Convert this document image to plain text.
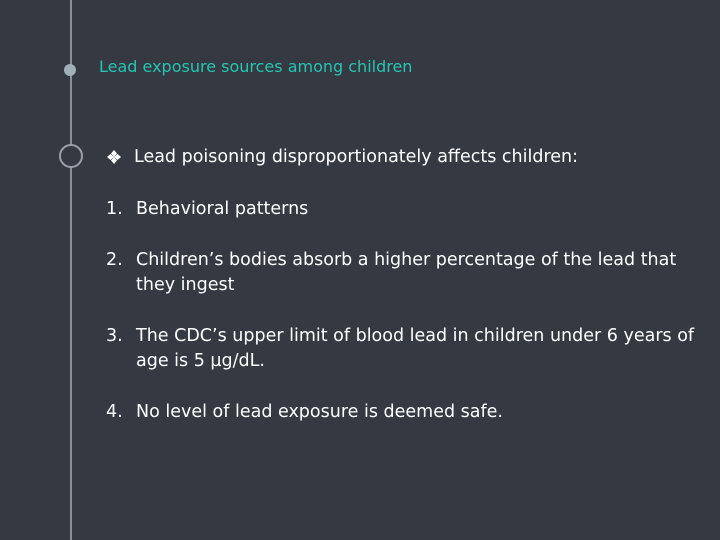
Lead exposure sources among children
Lead poisoning disproportionately affects children:
1. Behavioral patterns
2. Children’s bodies absorb a higher percentage of the lead that they ingest
3. The CDC’s upper limit of blood lead in children under 6 years of age is 5 µg/dL.
4. No level of lead exposure is deemed safe.
